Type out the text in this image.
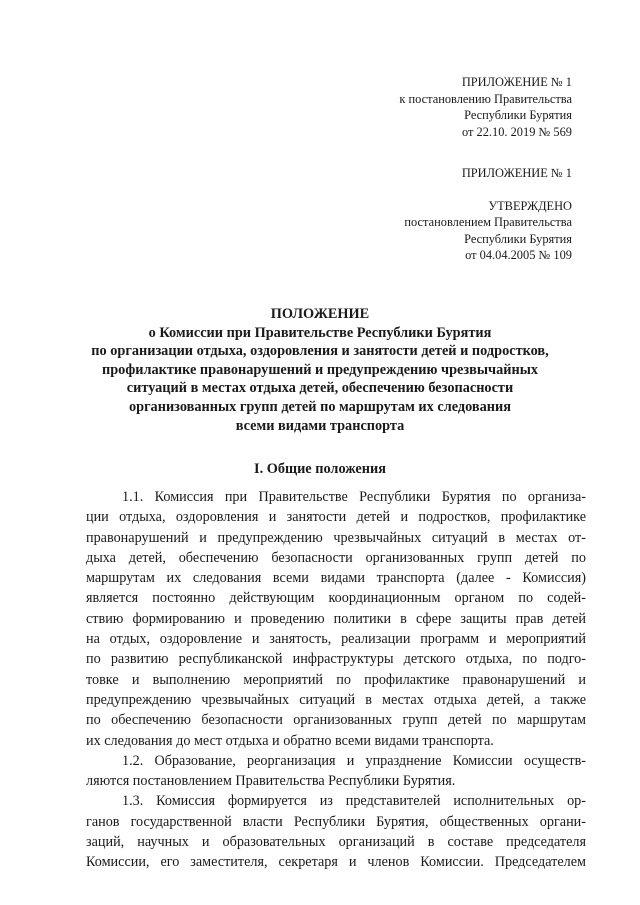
ПРИЛОЖЕНИЕ № 1
к постановлению Правительства
Республики Бурятия
от 22.10. 2019 № 569
ПРИЛОЖЕНИЕ № 1
УТВЕРЖДЕНО
постановлением Правительства
Республики Бурятия
от 04.04.2005 № 109
ПОЛОЖЕНИЕ
о Комиссии при Правительстве Республики Бурятия
по организации отдыха, оздоровления и занятости детей и подростков,
профилактике правонарушений и предупреждению чрезвычайных
ситуаций в местах отдыха детей, обеспечению безопасности
организованных групп детей по маршрутам их следования
всеми видами транспорта
I. Общие положения
1.1. Комиссия при Правительстве Республики Бурятия по организа-
ции отдыха, оздоровления и занятости детей и подростков, профилактике
правонарушений и предупреждению чрезвычайных ситуаций в местах от-
дыха детей, обеспечению безопасности организованных групп детей по
маршрутам их следования всеми видами транспорта (далее - Комиссия)
является постоянно действующим координационным органом по содей-
ствию формированию и проведению политики в сфере защиты прав детей
на отдых, оздоровление и занятость, реализации программ и мероприятий
по развитию республиканской инфраструктуры детского отдыха, по подго-
товке и выполнению мероприятий по профилактике правонарушений и
предупреждению чрезвычайных ситуаций в местах отдыха детей, а также
по обеспечению безопасности организованных групп детей по маршрутам
их следования до мест отдыха и обратно всеми видами транспорта.
1.2. Образование, реорганизация и упразднение Комиссии осуществ-
ляются постановлением Правительства Республики Бурятия.
1.3. Комиссия формируется из представителей исполнительных ор-
ганов государственной власти Республики Бурятия, общественных органи-
заций, научных и образовательных организаций в составе председателя
Комиссии, его заместителя, секретаря и членов Комиссии. Председателем
